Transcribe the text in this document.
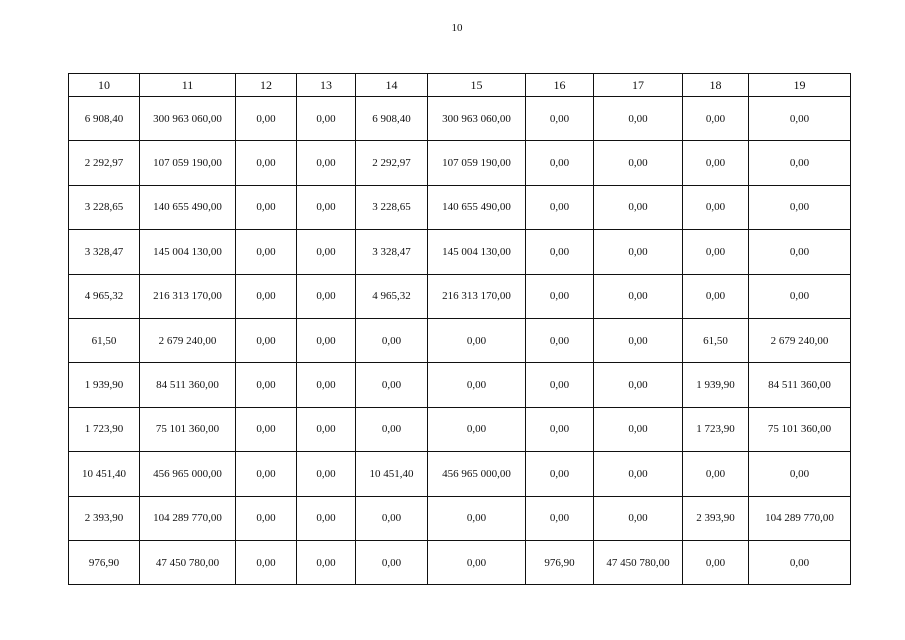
10
10	11	12	13	14	15	16	17	18	19
6 908,40	300 963 060,00	0,00	0,00	6 908,40	300 963 060,00	0,00	0,00	0,00	0,00
2 292,97	107 059 190,00	0,00	0,00	2 292,97	107 059 190,00	0,00	0,00	0,00	0,00
3 228,65	140 655 490,00	0,00	0,00	3 228,65	140 655 490,00	0,00	0,00	0,00	0,00
3 328,47	145 004 130,00	0,00	0,00	3 328,47	145 004 130,00	0,00	0,00	0,00	0,00
4 965,32	216 313 170,00	0,00	0,00	4 965,32	216 313 170,00	0,00	0,00	0,00	0,00
61,50	2 679 240,00	0,00	0,00	0,00	0,00	0,00	0,00	61,50	2 679 240,00
1 939,90	84 511 360,00	0,00	0,00	0,00	0,00	0,00	0,00	1 939,90	84 511 360,00
1 723,90	75 101 360,00	0,00	0,00	0,00	0,00	0,00	0,00	1 723,90	75 101 360,00
10 451,40	456 965 000,00	0,00	0,00	10 451,40	456 965 000,00	0,00	0,00	0,00	0,00
2 393,90	104 289 770,00	0,00	0,00	0,00	0,00	0,00	0,00	2 393,90	104 289 770,00
976,90	47 450 780,00	0,00	0,00	0,00	0,00	976,90	47 450 780,00	0,00	0,00
